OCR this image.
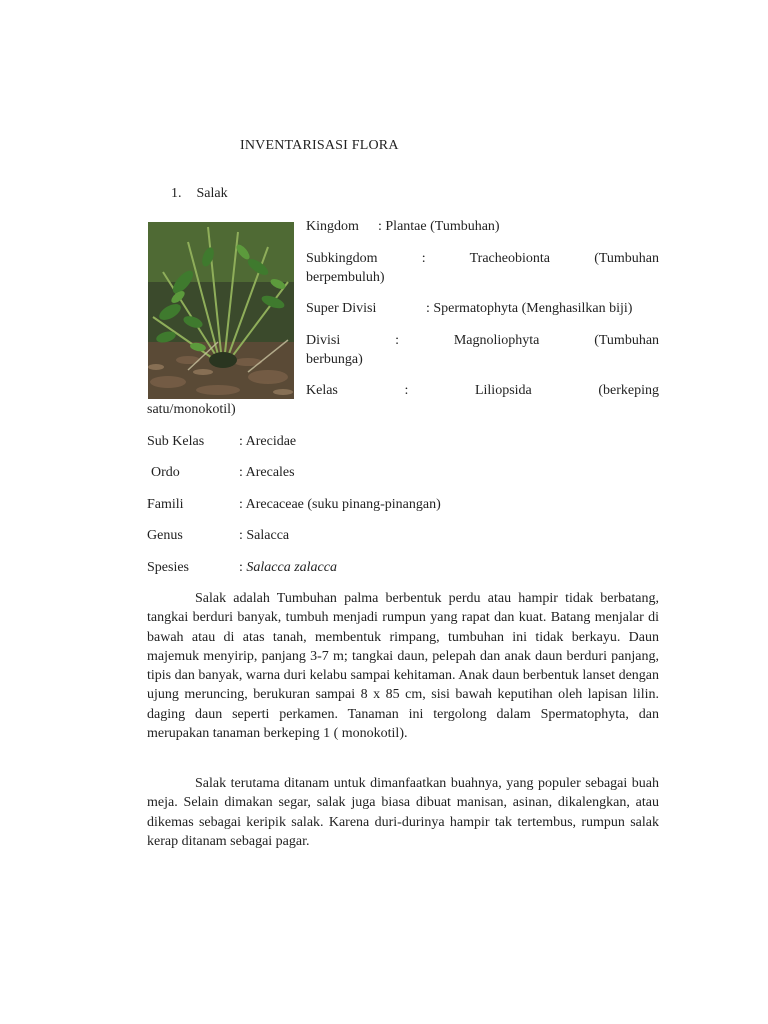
INVENTARISASI FLORA
1. Salak
Kingdom : Plantae (Tumbuhan)
Subkingdom	:	Tracheobionta	(Tumbuhan
berpembuluh)
Super Divisi	: Spermatophyta (Menghasilkan biji)
Divisi	:	Magnoliophyta	(Tumbuhan
berbunga)
Kelas	:	Liliopsida	(berkeping
satu/monokotil)
Sub Kelas : Arecidae
Ordo	: Arecales
Famili	: Arecaceae (suku pinang-pinangan)
Genus	: Salacca
Spesies	: Salacca zalacca

Salak adalah Tumbuhan palma berbentuk perdu atau hampir tidak berbatang, tangkai berduri banyak, tumbuh menjadi rumpun yang rapat dan kuat. Batang menjalar di bawah atau di atas tanah, membentuk rimpang, tumbuhan ini tidak berkayu. Daun majemuk menyirip, panjang 3-7 m; tangkai daun, pelepah dan anak daun berduri panjang, tipis dan banyak, warna duri kelabu sampai kehitaman. Anak daun berbentuk lanset dengan ujung meruncing, berukuran sampai 8 x 85 cm, sisi bawah keputihan oleh lapisan lilin. daging daun seperti perkamen. Tanaman ini tergolong dalam Spermatophyta, dan merupakan tanaman berkeping 1 ( monokotil).

Salak terutama ditanam untuk dimanfaatkan buahnya, yang populer sebagai buah meja. Selain dimakan segar, salak juga biasa dibuat manisan, asinan, dikalengkan, atau dikemas sebagai keripik salak. Karena duri-durinya hampir tak tertembus, rumpun salak kerap ditanam sebagai pagar.
